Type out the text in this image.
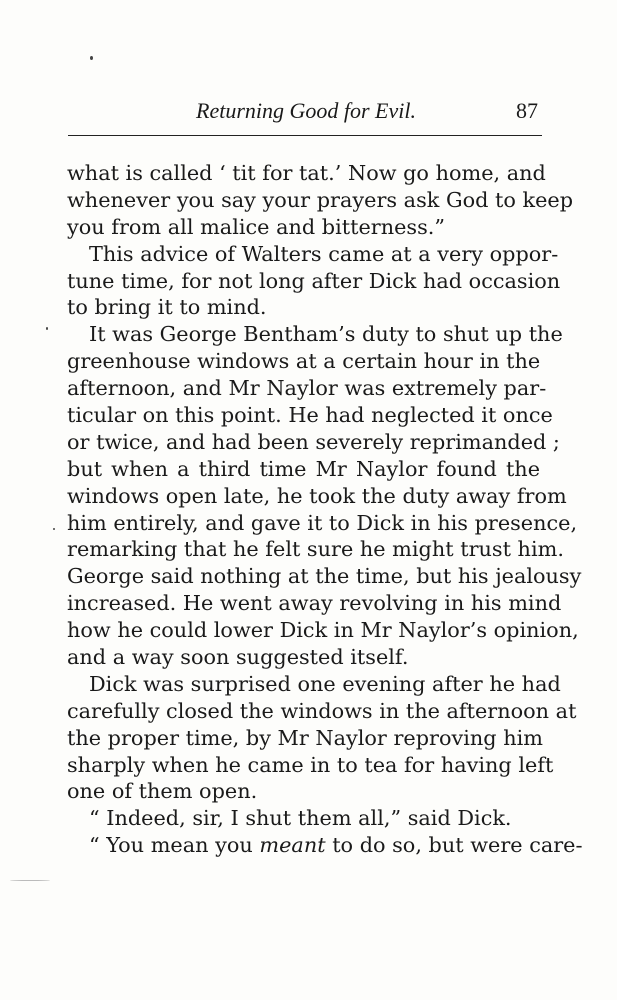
Returning Good for Evil.	87
what is called ‘ tit for tat.’ Now go home, and
whenever you say your prayers ask God to keep
you from all malice and bitterness.”
This advice of Walters came at a very oppor-
tune time, for not long after Dick had occasion
to bring it to mind.
It was George Bentham’s duty to shut up the
greenhouse windows at a certain hour in the
afternoon, and Mr Naylor was extremely par-
ticular on this point. He had neglected it once
or twice, and had been severely reprimanded ;
but when a third time Mr Naylor found the
windows open late, he took the duty away from
him entirely, and gave it to Dick in his presence,
remarking that he felt sure he might trust him.
George said nothing at the time, but his jealousy
increased. He went away revolving in his mind
how he could lower Dick in Mr Naylor’s opinion,
and a way soon suggested itself.
Dick was surprised one evening after he had
carefully closed the windows in the afternoon at
the proper time, by Mr Naylor reproving him
sharply when he came in to tea for having left
one of them open.
“ Indeed, sir, I shut them all,” said Dick.
“ You mean you meant to do so, but were care-
